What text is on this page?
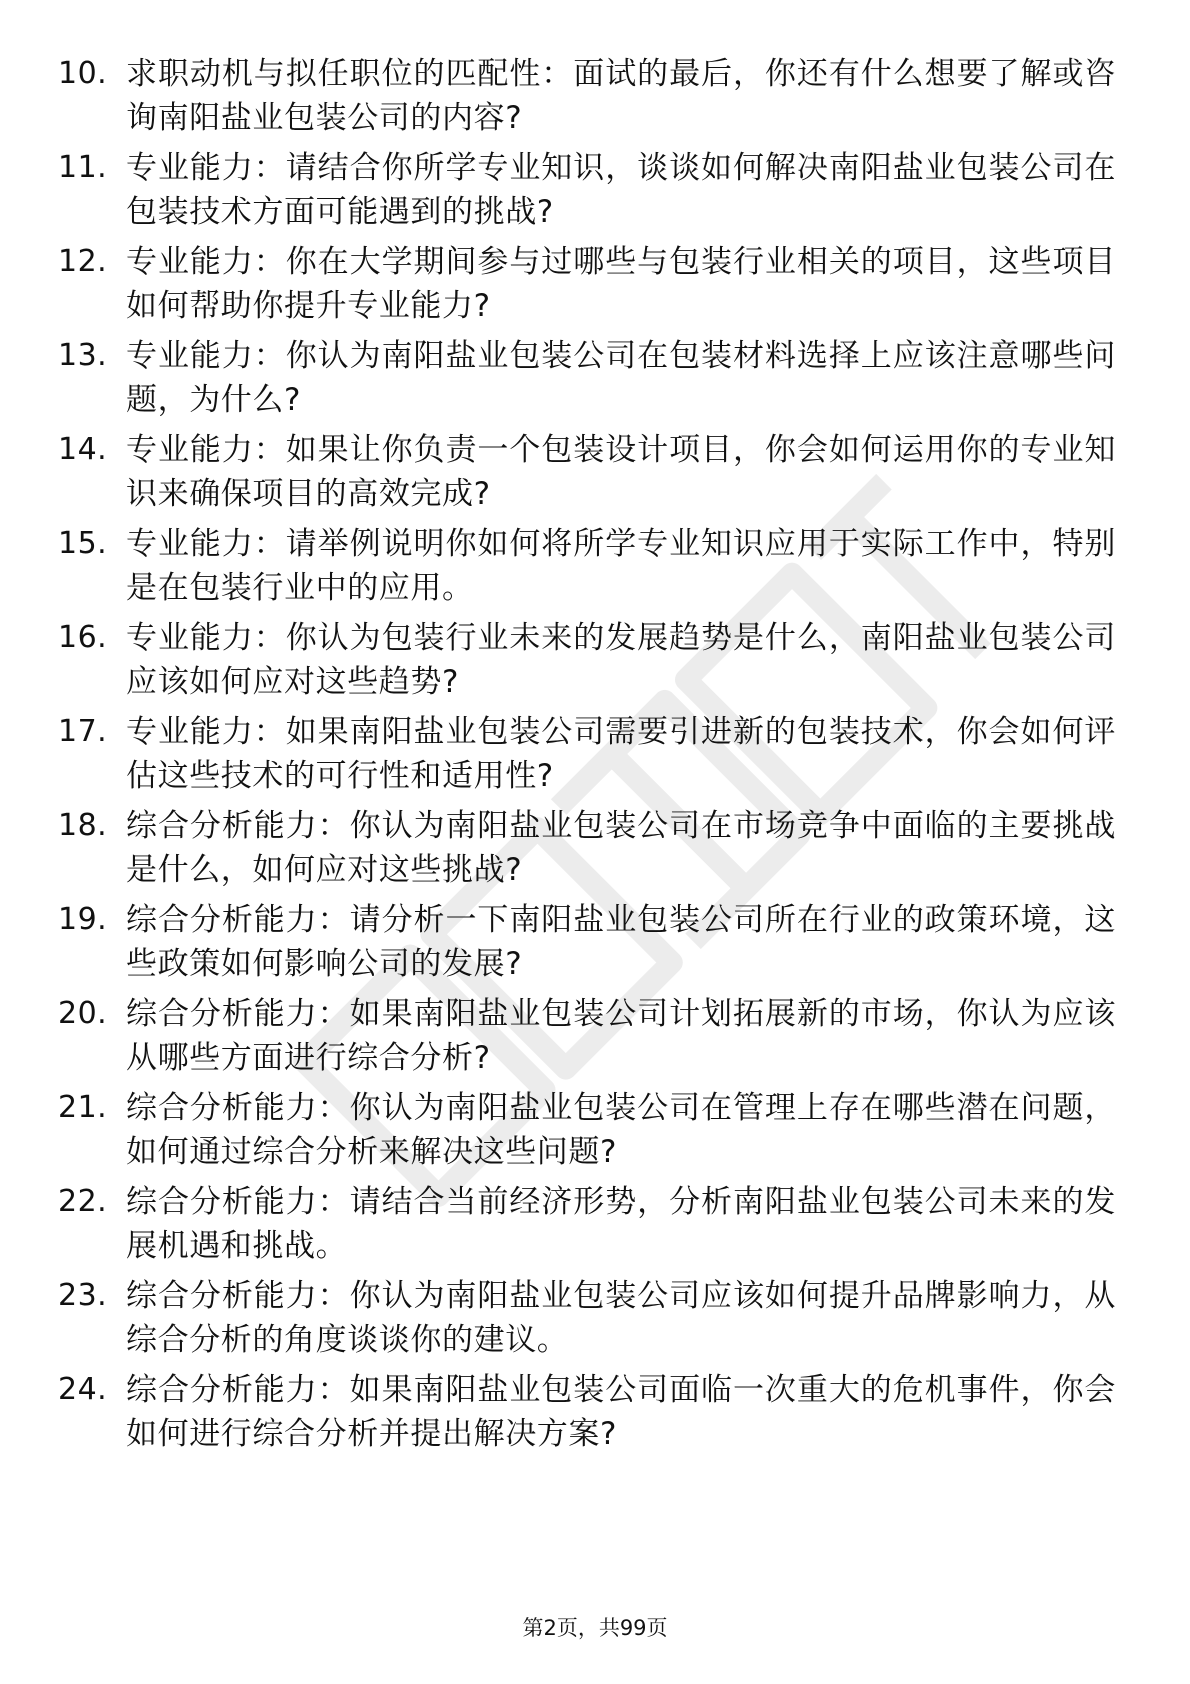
10. 求职动机与拟任职位的匹配性：面试的最后，你还有什么想要了解或咨询南阳盐业包装公司的内容?
11. 专业能力：请结合你所学专业知识，谈谈如何解决南阳盐业包装公司在包装技术方面可能遇到的挑战?
12. 专业能力：你在大学期间参与过哪些与包装行业相关的项目，这些项目如何帮助你提升专业能力?
13. 专业能力：你认为南阳盐业包装公司在包装材料选择上应该注意哪些问题，为什么?
14. 专业能力：如果让你负责一个包装设计项目，你会如何运用你的专业知识来确保项目的高效完成?
15. 专业能力：请举例说明你如何将所学专业知识应用于实际工作中，特别是在包装行业中的应用。
16. 专业能力：你认为包装行业未来的发展趋势是什么，南阳盐业包装公司应该如何应对这些趋势?
17. 专业能力：如果南阳盐业包装公司需要引进新的包装技术，你会如何评估这些技术的可行性和适用性?
18. 综合分析能力：你认为南阳盐业包装公司在市场竞争中面临的主要挑战是什么，如何应对这些挑战?
19. 综合分析能力：请分析一下南阳盐业包装公司所在行业的政策环境，这些政策如何影响公司的发展?
20. 综合分析能力：如果南阳盐业包装公司计划拓展新的市场，你认为应该从哪些方面进行综合分析?
21. 综合分析能力：你认为南阳盐业包装公司在管理上存在哪些潜在问题，如何通过综合分析来解决这些问题?
22. 综合分析能力：请结合当前经济形势，分析南阳盐业包装公司未来的发展机遇和挑战。
23. 综合分析能力：你认为南阳盐业包装公司应该如何提升品牌影响力，从综合分析的角度谈谈你的建议。
24. 综合分析能力：如果南阳盐业包装公司面临一次重大的危机事件，你会如何进行综合分析并提出解决方案?
第2页，共99页
